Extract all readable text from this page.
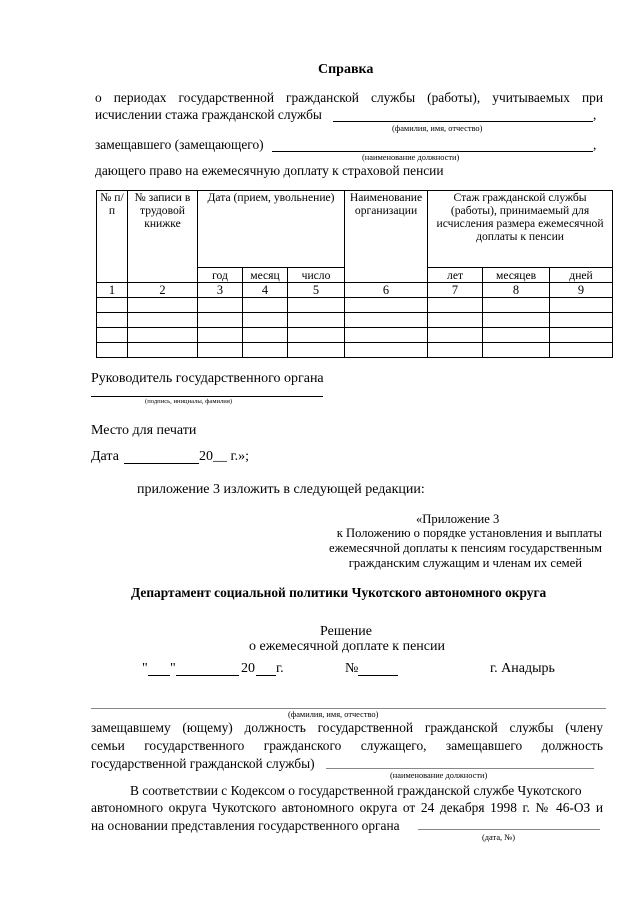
Справка
о периодах государственной гражданской службы (работы), учитываемых при
исчислении стажа гражданской службы	,
(фамилия, имя, отчество)
замещавшего (замещающего)	,
(наименование должности)
дающего право на ежемесячную доплату к страховой пенсии
№ п/п	№ записи в трудовой книжке	Дата (прием, увольнение)			Наименование организации	Стаж гражданской службы (работы), принимаемый для исчисления размера ежемесячной доплаты к пенсии		
		год	месяц	число		лет	месяцев	дней
1	2	3	4	5	6	7	8	9

Руководитель государственного органа
(подпись, инициалы, фамилия)
Место для печати
Дата	20__ г.»;
приложение 3 изложить в следующей редакции:
«Приложение 3
к Положению о порядке установления и выплаты
ежемесячной доплаты к пенсиям государственным
гражданским служащим и членам их семей
Департамент социальной политики Чукотского автономного округа
Решение
о ежемесячной доплате к пенсии
" "	20 г.	№	г. Анадырь
(фамилия, имя, отчество)
замещавшему (ющему) должность государственной гражданской службы (члену
семьи государственного гражданского служащего, замещавшего должность
государственной гражданской службы)
(наименование должности)
В соответствии с Кодексом о государственной гражданской службе Чукотского
автономного округа Чукотского автономного округа от 24 декабря 1998 г. № 46-ОЗ и
на основании представления государственного органа
(дата, №)
